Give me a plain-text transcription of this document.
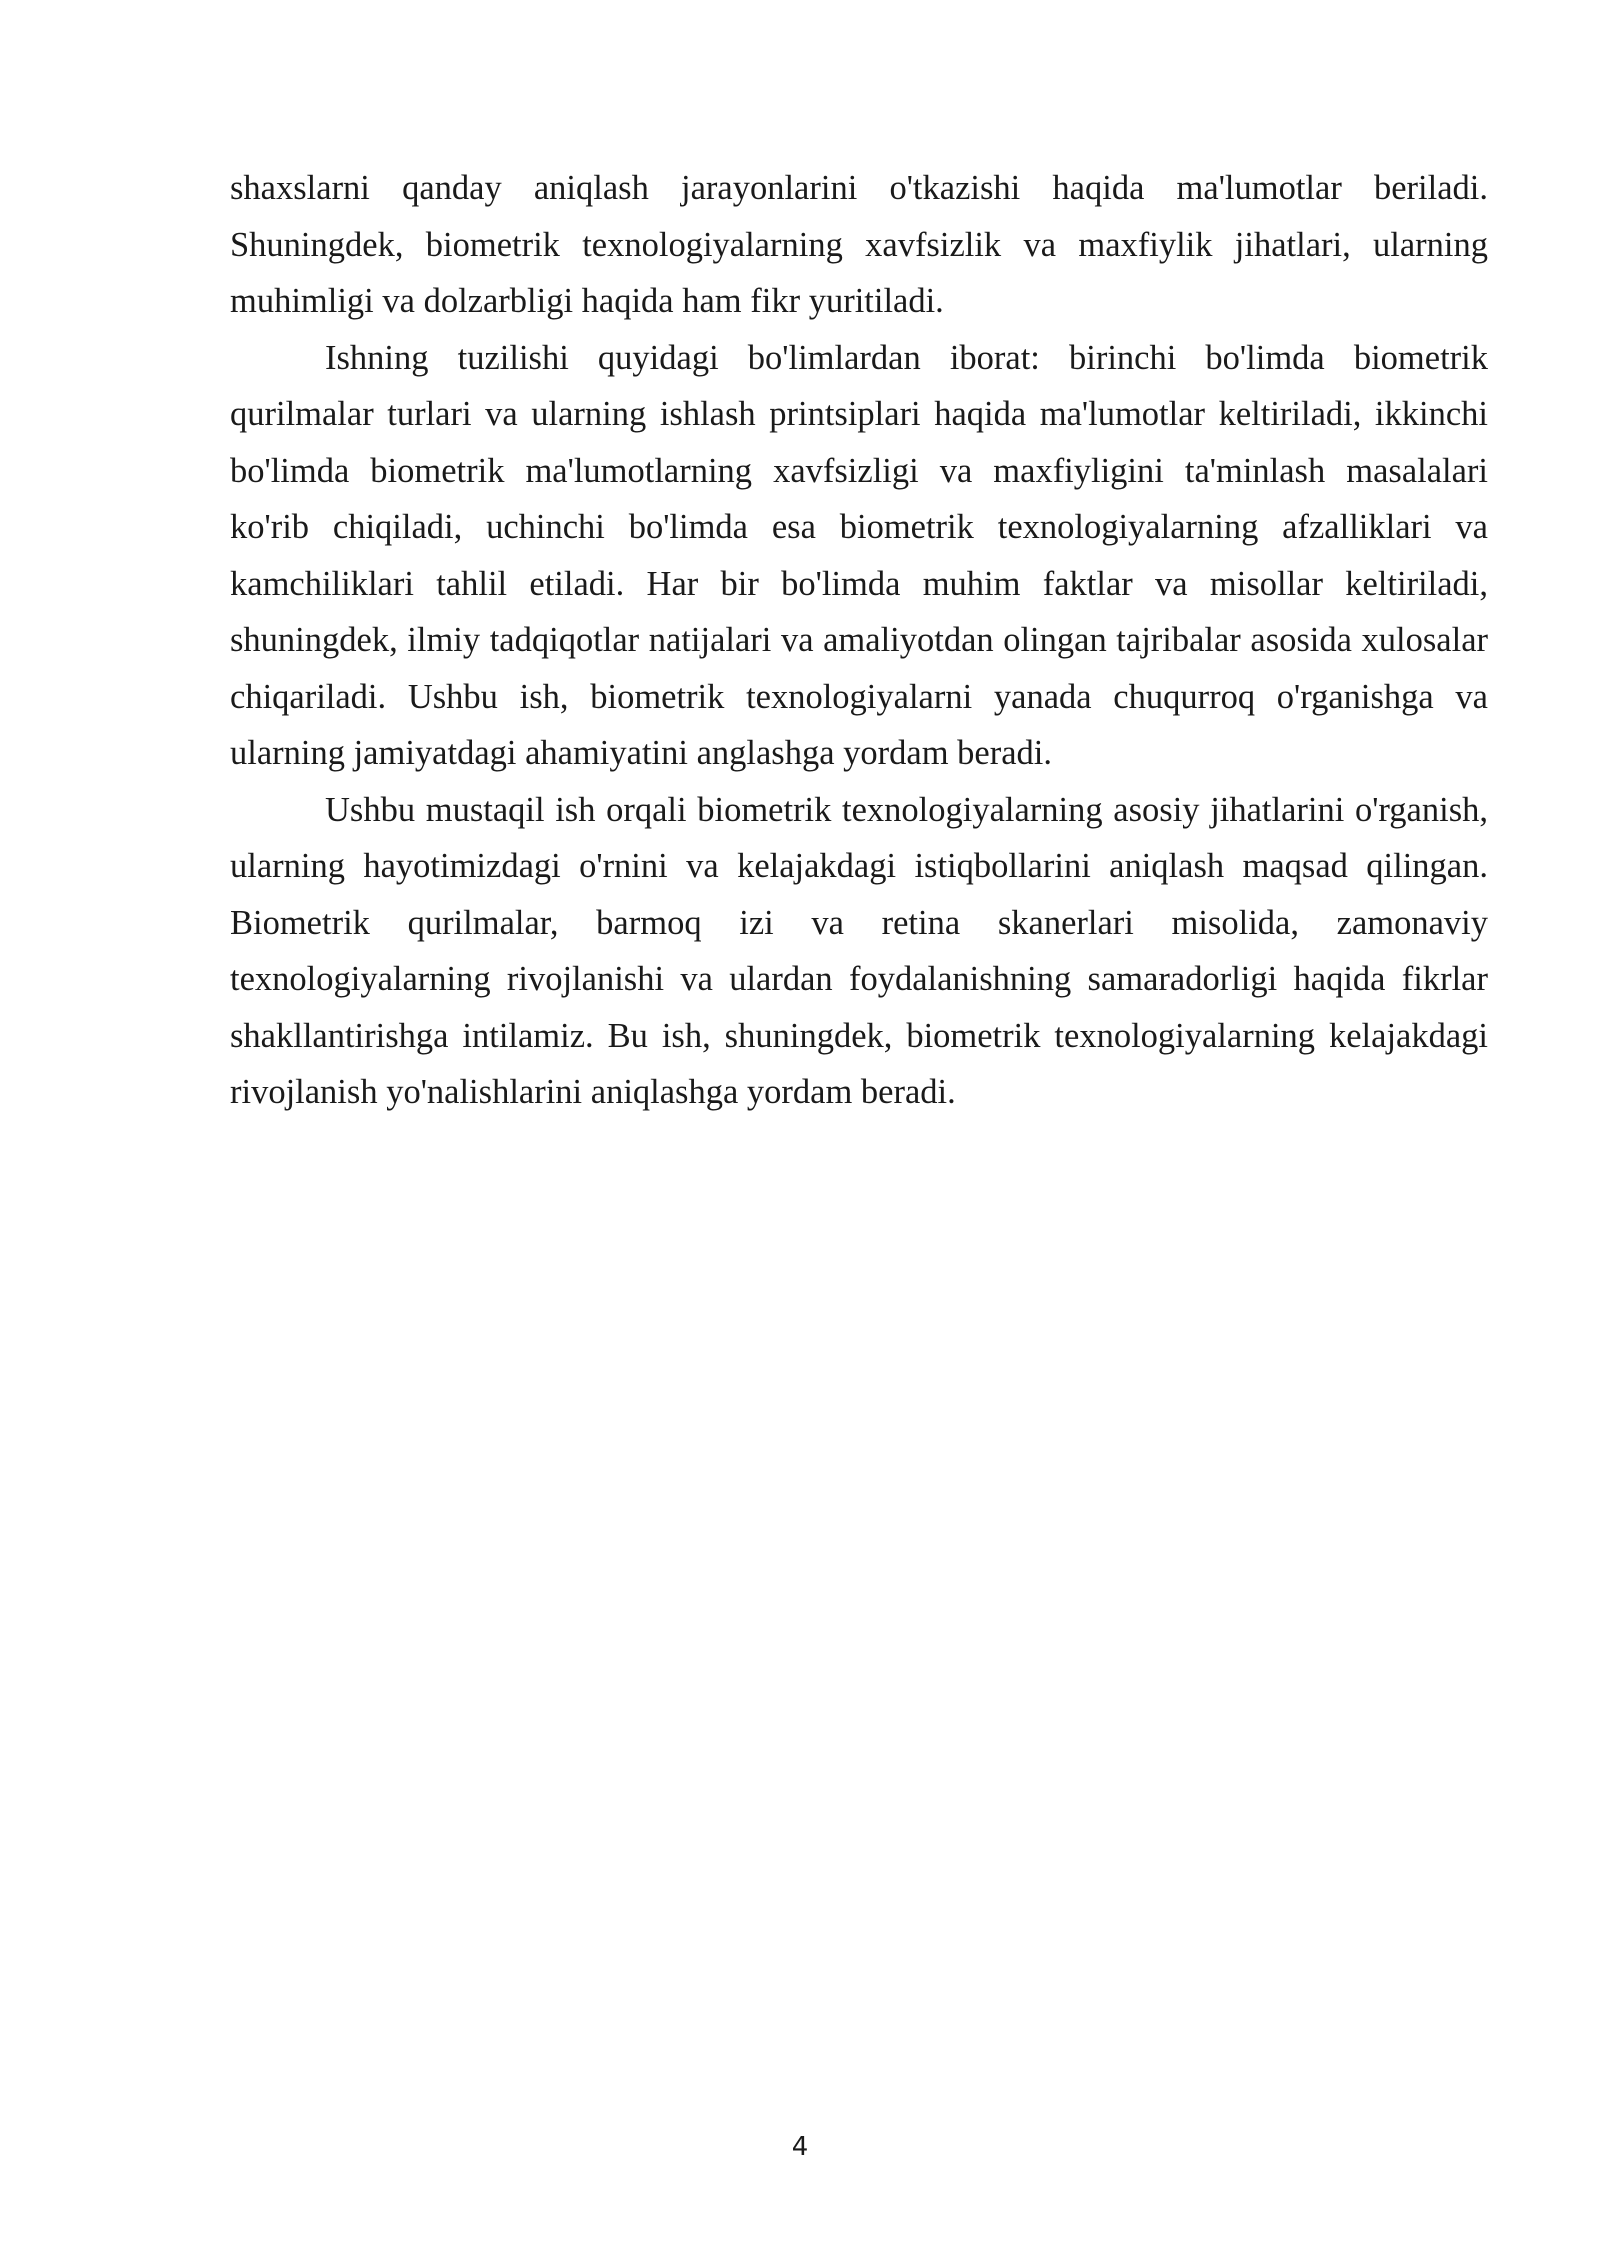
shaxslarni qanday aniqlash jarayonlarini o'tkazishi haqida ma'lumotlar beriladi. Shuningdek, biometrik texnologiyalarning xavfsizlik va maxfiylik jihatlari, ularning muhimligi va dolzarbligi haqida ham fikr yuritiladi.

Ishning tuzilishi quyidagi bo'limlardan iborat: birinchi bo'limda biometrik qurilmalar turlari va ularning ishlash printsiplari haqida ma'lumotlar keltiriladi, ikkinchi bo'limda biometrik ma'lumotlarning xavfsizligi va maxfiyligini ta'minlash masalalari ko'rib chiqiladi, uchinchi bo'limda esa biometrik texnologiyalarning afzalliklari va kamchiliklari tahlil etiladi. Har bir bo'limda muhim faktlar va misollar keltiriladi, shuningdek, ilmiy tadqiqotlar natijalari va amaliyotdan olingan tajribalar asosida xulosalar chiqariladi. Ushbu ish, biometrik texnologiyalarni yanada chuqurroq o'rganishga va ularning jamiyatdagi ahamiyatini anglashga yordam beradi.

Ushbu mustaqil ish orqali biometrik texnologiyalarning asosiy jihatlarini o'rganish, ularning hayotimizdagi o'rnini va kelajakdagi istiqbollarini aniqlash maqsad qilingan. Biometrik qurilmalar, barmoq izi va retina skanerlari misolida, zamonaviy texnologiyalarning rivojlanishi va ulardan foydalanishning samaradorligi haqida fikrlar shakllantirishga intilamiz. Bu ish, shuningdek, biometrik texnologiyalarning kelajakdagi rivojlanish yo'nalishlarini aniqlashga yordam beradi.

4
